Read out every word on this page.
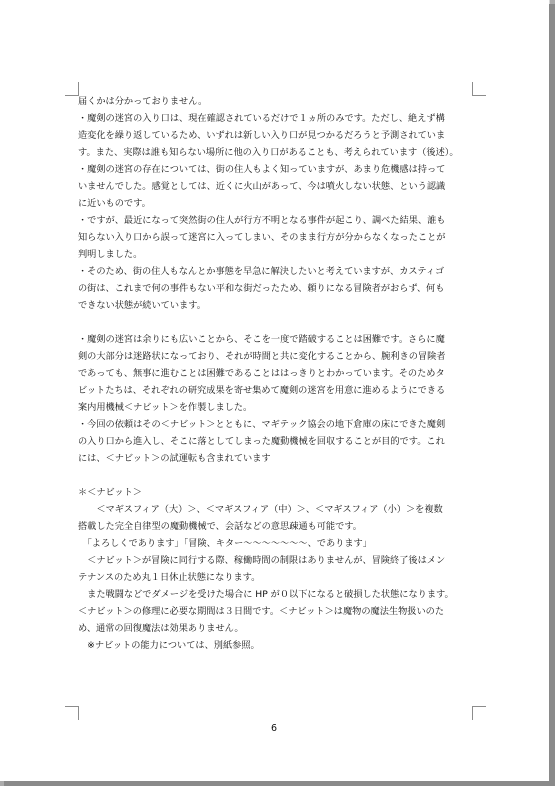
届くかは分かっておりません。
・魔剣の迷宮の入り口は、現在確認されているだけで１ヵ所のみです。ただし、絶えず構
造変化を繰り返しているため、いずれは新しい入り口が見つかるだろうと予測されていま
す。また、実際は誰も知らない場所に他の入り口があることも、考えられています（後述）。
・魔剣の迷宮の存在については、街の住人もよく知っていますが、あまり危機感は持って
いませんでした。感覚としては、近くに火山があって、今は噴火しない状態、という認識
に近いものです。
・ですが、最近になって突然街の住人が行方不明となる事件が起こり、調べた結果、誰も
知らない入り口から誤って迷宮に入ってしまい、そのまま行方が分からなくなったことが
判明しました。
・そのため、街の住人もなんとか事態を早急に解決したいと考えていますが、カスティゴ
の街は、これまで何の事件もない平和な街だったため、頼りになる冒険者がおらず、何も
できない状態が続いています。
・魔剣の迷宮は余りにも広いことから、そこを一度で踏破することは困難です。さらに魔
剣の大部分は迷路状になっており、それが時間と共に変化することから、腕利きの冒険者
であっても、無事に進むことは困難であることははっきりとわかっています。そのためタ
ビットたちは、それぞれの研究成果を寄せ集めて魔剣の迷宮を用意に進めるようにできる
案内用機械＜ナビット＞を作製しました。
・今回の依頼はその＜ナビット＞とともに、マギテック協会の地下倉庫の床にできた魔剣
の入り口から進入し、そこに落としてしまった魔動機械を回収することが目的です。これ
には、＜ナビット＞の試運転も含まれています
＊＜ナビット＞
　　＜マギスフィア（大）＞、＜マギスフィア（中）＞、＜マギスフィア（小）＞を複数
搭載した完全自律型の魔動機械で、会話などの意思疎通も可能です。
　「よろしくであります」「冒険、キター～～～～～～～、であります」
　＜ナビット＞が冒険に同行する際、稼働時間の制限はありませんが、冒険終了後はメン
テナンスのため丸１日休止状態になります。
　また戦闘などでダメージを受けた場合に HP が０以下になると破損した状態になります。
＜ナビット＞の修理に必要な期間は３日間です。＜ナビット＞は魔物の魔法生物扱いのた
め、通常の回復魔法は効果ありません。
　※ナビットの能力については、別紙参照。
6
